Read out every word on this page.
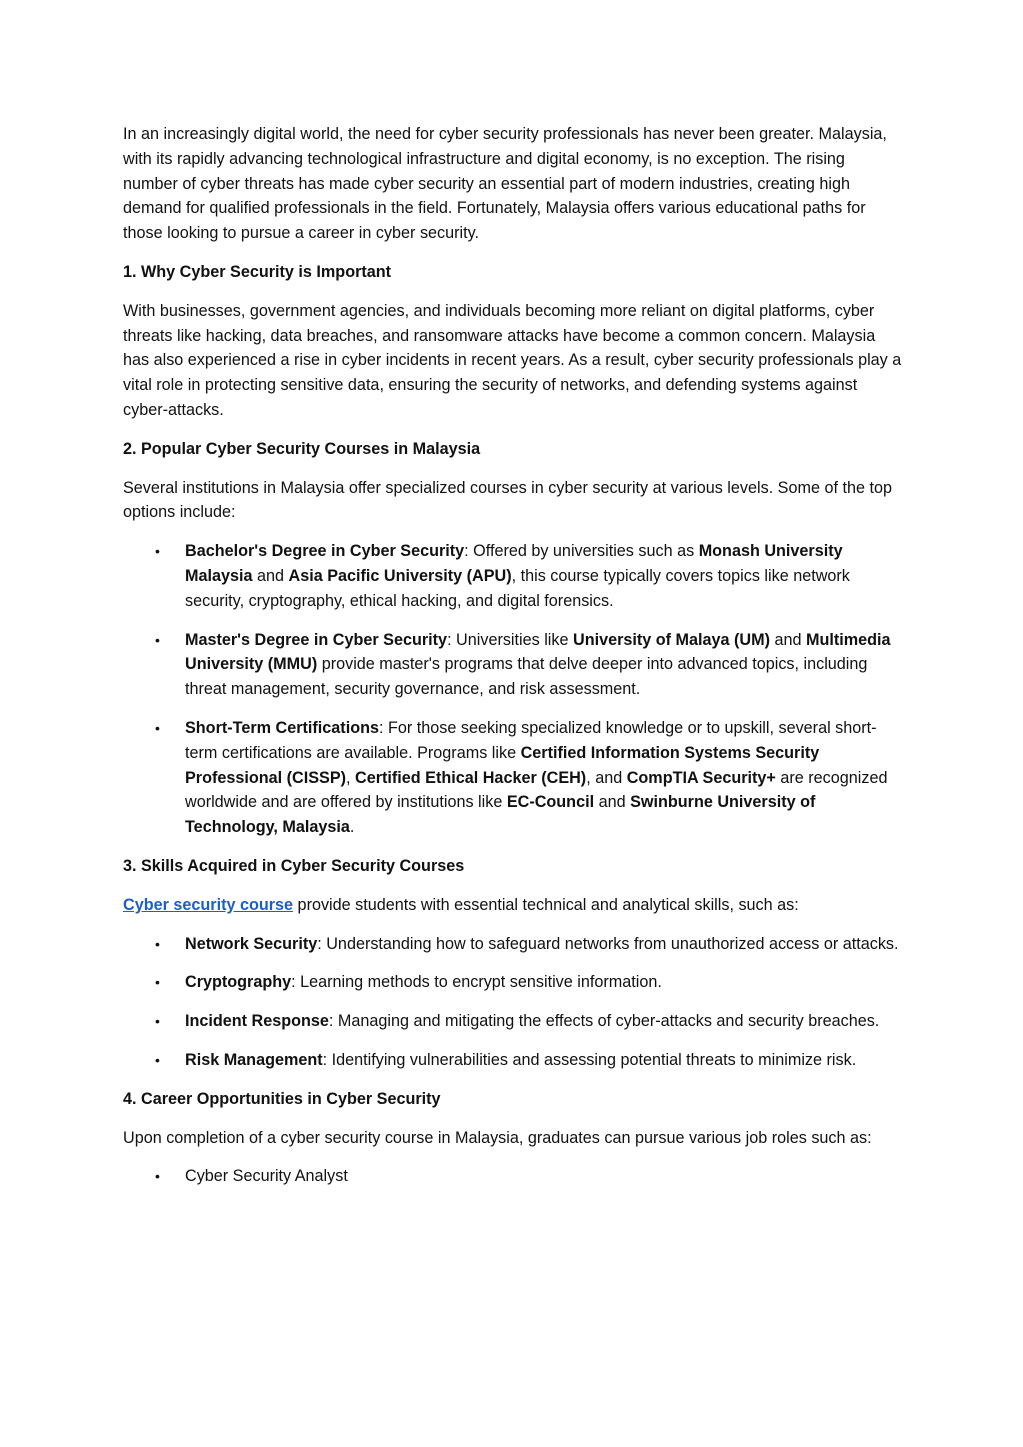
In an increasingly digital world, the need for cyber security professionals has never been greater. Malaysia, with its rapidly advancing technological infrastructure and digital economy, is no exception. The rising number of cyber threats has made cyber security an essential part of modern industries, creating high demand for qualified professionals in the field. Fortunately, Malaysia offers various educational paths for those looking to pursue a career in cyber security.

1. Why Cyber Security is Important

With businesses, government agencies, and individuals becoming more reliant on digital platforms, cyber threats like hacking, data breaches, and ransomware attacks have become a common concern. Malaysia has also experienced a rise in cyber incidents in recent years. As a result, cyber security professionals play a vital role in protecting sensitive data, ensuring the security of networks, and defending systems against cyber-attacks.

2. Popular Cyber Security Courses in Malaysia

Several institutions in Malaysia offer specialized courses in cyber security at various levels. Some of the top options include:

• Bachelor's Degree in Cyber Security: Offered by universities such as Monash University Malaysia and Asia Pacific University (APU), this course typically covers topics like network security, cryptography, ethical hacking, and digital forensics.
• Master's Degree in Cyber Security: Universities like University of Malaya (UM) and Multimedia University (MMU) provide master's programs that delve deeper into advanced topics, including threat management, security governance, and risk assessment.
• Short-Term Certifications: For those seeking specialized knowledge or to upskill, several short-term certifications are available. Programs like Certified Information Systems Security Professional (CISSP), Certified Ethical Hacker (CEH), and CompTIA Security+ are recognized worldwide and are offered by institutions like EC-Council and Swinburne University of Technology, Malaysia.
3. Skills Acquired in Cyber Security Courses

Cyber security course provide students with essential technical and analytical skills, such as:

• Network Security: Understanding how to safeguard networks from unauthorized access or attacks.
• Cryptography: Learning methods to encrypt sensitive information.
• Incident Response: Managing and mitigating the effects of cyber-attacks and security breaches.
• Risk Management: Identifying vulnerabilities and assessing potential threats to minimize risk.
4. Career Opportunities in Cyber Security

Upon completion of a cyber security course in Malaysia, graduates can pursue various job roles such as:

• Cyber Security Analyst
